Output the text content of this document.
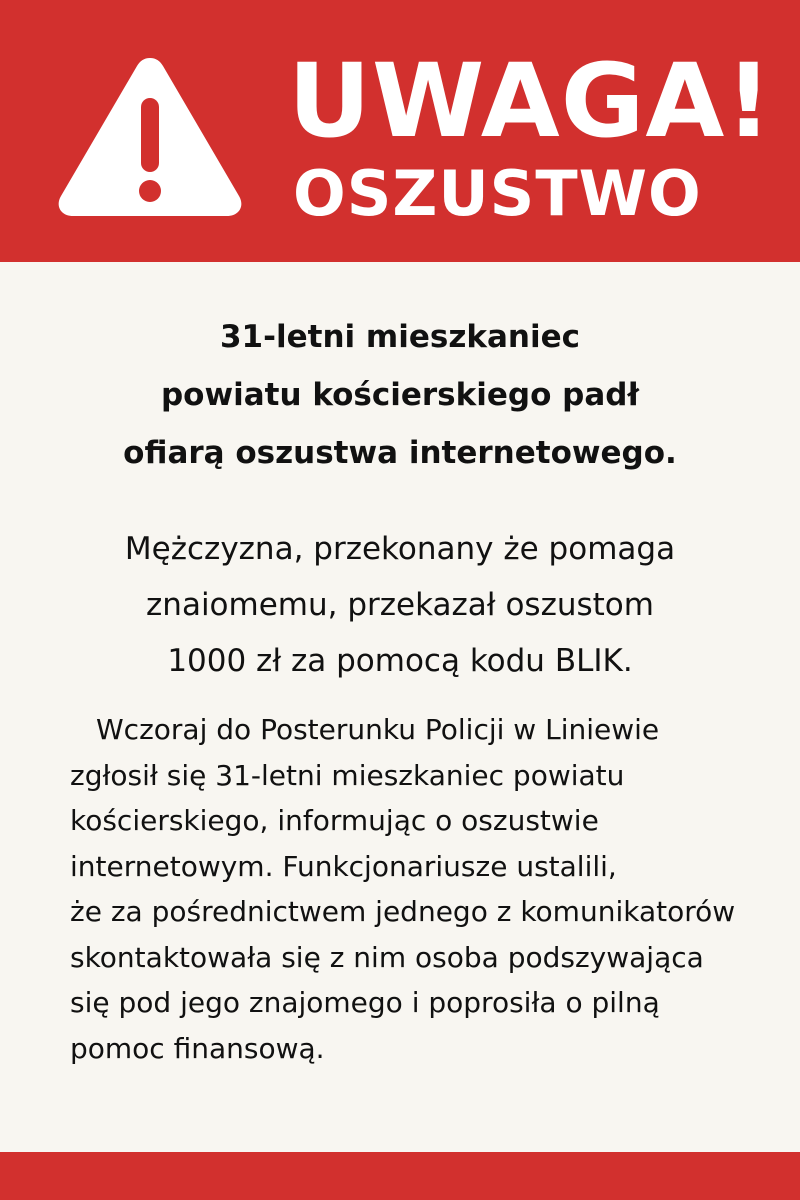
UWAGA!
OSZUSTWO
31-letni mieszkaniec
powiatu kościerskiego padł
ofiarą oszustwa internetowego.

Mężczyzna, przekonany że pomaga
znaiomemu, przekazał oszustom
1000 zł za pomocą kodu BLIK.

Wczoraj do Posterunku Policji w Liniewie
zgłosił się 31-letni mieszkaniec powiatu
kościerskiego, informując o oszustwie
internetowym. Funkcjonariusze ustalili,
że za pośrednictwem jednego z komunikatorów
skontaktowała się z nim osoba podszywająca
się pod jego znajomego i poprosiła o pilną
pomoc finansową.
